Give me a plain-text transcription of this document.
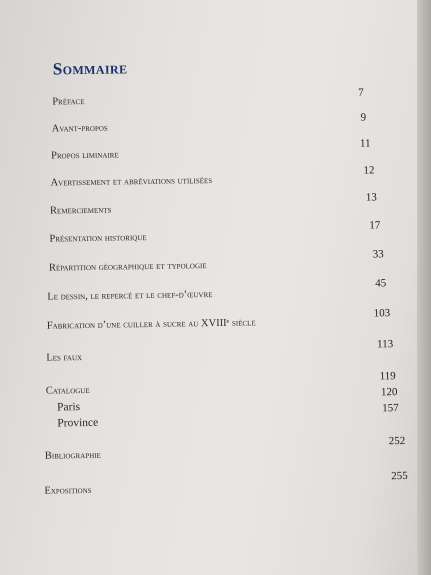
Sommaire
Préface
7
Avant-propos
9
Propos liminaire
11
Avertissement et abréviations utilisées
12
Remerciements
13
Présentation historique
17
Répartition géographique et typologie
33
Le dessin, le repercé et le chef-d’œuvre
45
Fabrication d’une cuiller à sucre au XVIIIᵉ siècle
103
Les faux
113
Catalogue
119
Paris
120
Province
157
Bibliographie
252
Expositions
255
